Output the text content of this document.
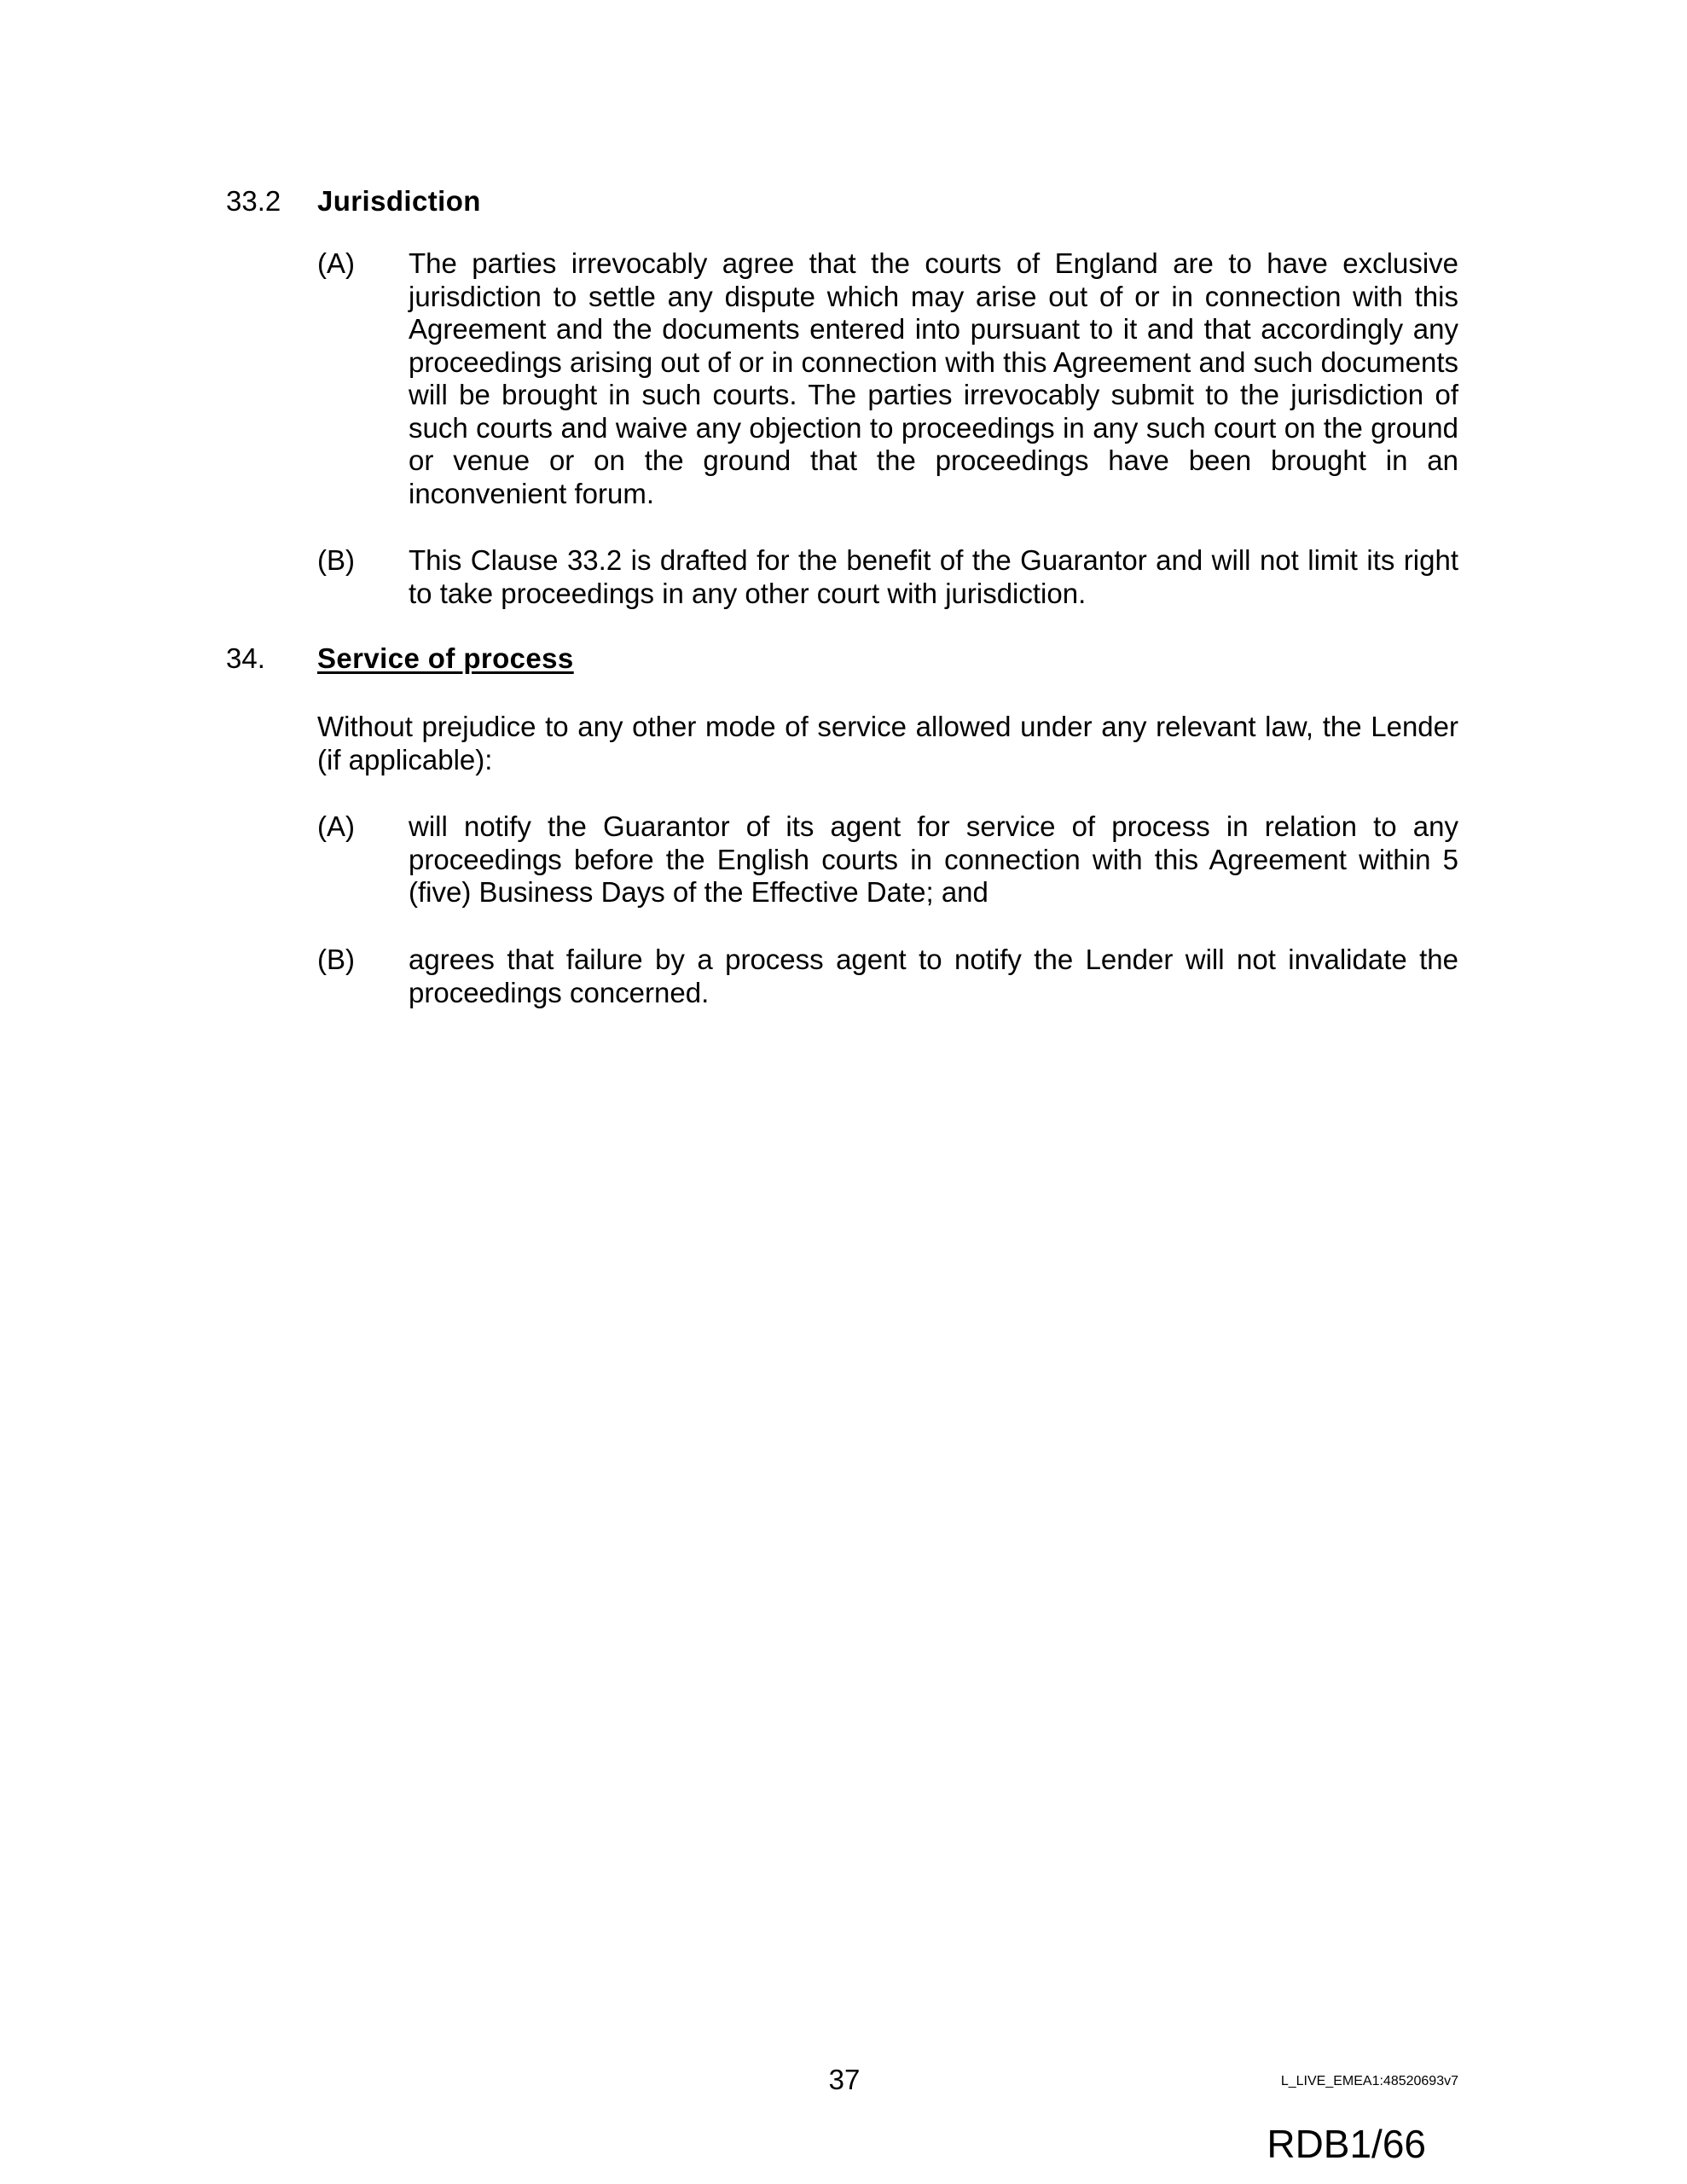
33.2 Jurisdiction
(A) The parties irrevocably agree that the courts of England are to have exclusive jurisdiction to settle any dispute which may arise out of or in connection with this Agreement and the documents entered into pursuant to it and that accordingly any proceedings arising out of or in connection with this Agreement and such documents will be brought in such courts. The parties irrevocably submit to the jurisdiction of such courts and waive any objection to proceedings in any such court on the ground or venue or on the ground that the proceedings have been brought in an inconvenient forum.
(B) This Clause 33.2 is drafted for the benefit of the Guarantor and will not limit its right to take proceedings in any other court with jurisdiction.
34. Service of process
Without prejudice to any other mode of service allowed under any relevant law, the Lender (if applicable):
(A) will notify the Guarantor of its agent for service of process in relation to any proceedings before the English courts in connection with this Agreement within 5 (five) Business Days of the Effective Date; and
(B) agrees that failure by a process agent to notify the Lender will not invalidate the proceedings concerned.
37	L_LIVE_EMEA1:48520693v7
RDB1/66
